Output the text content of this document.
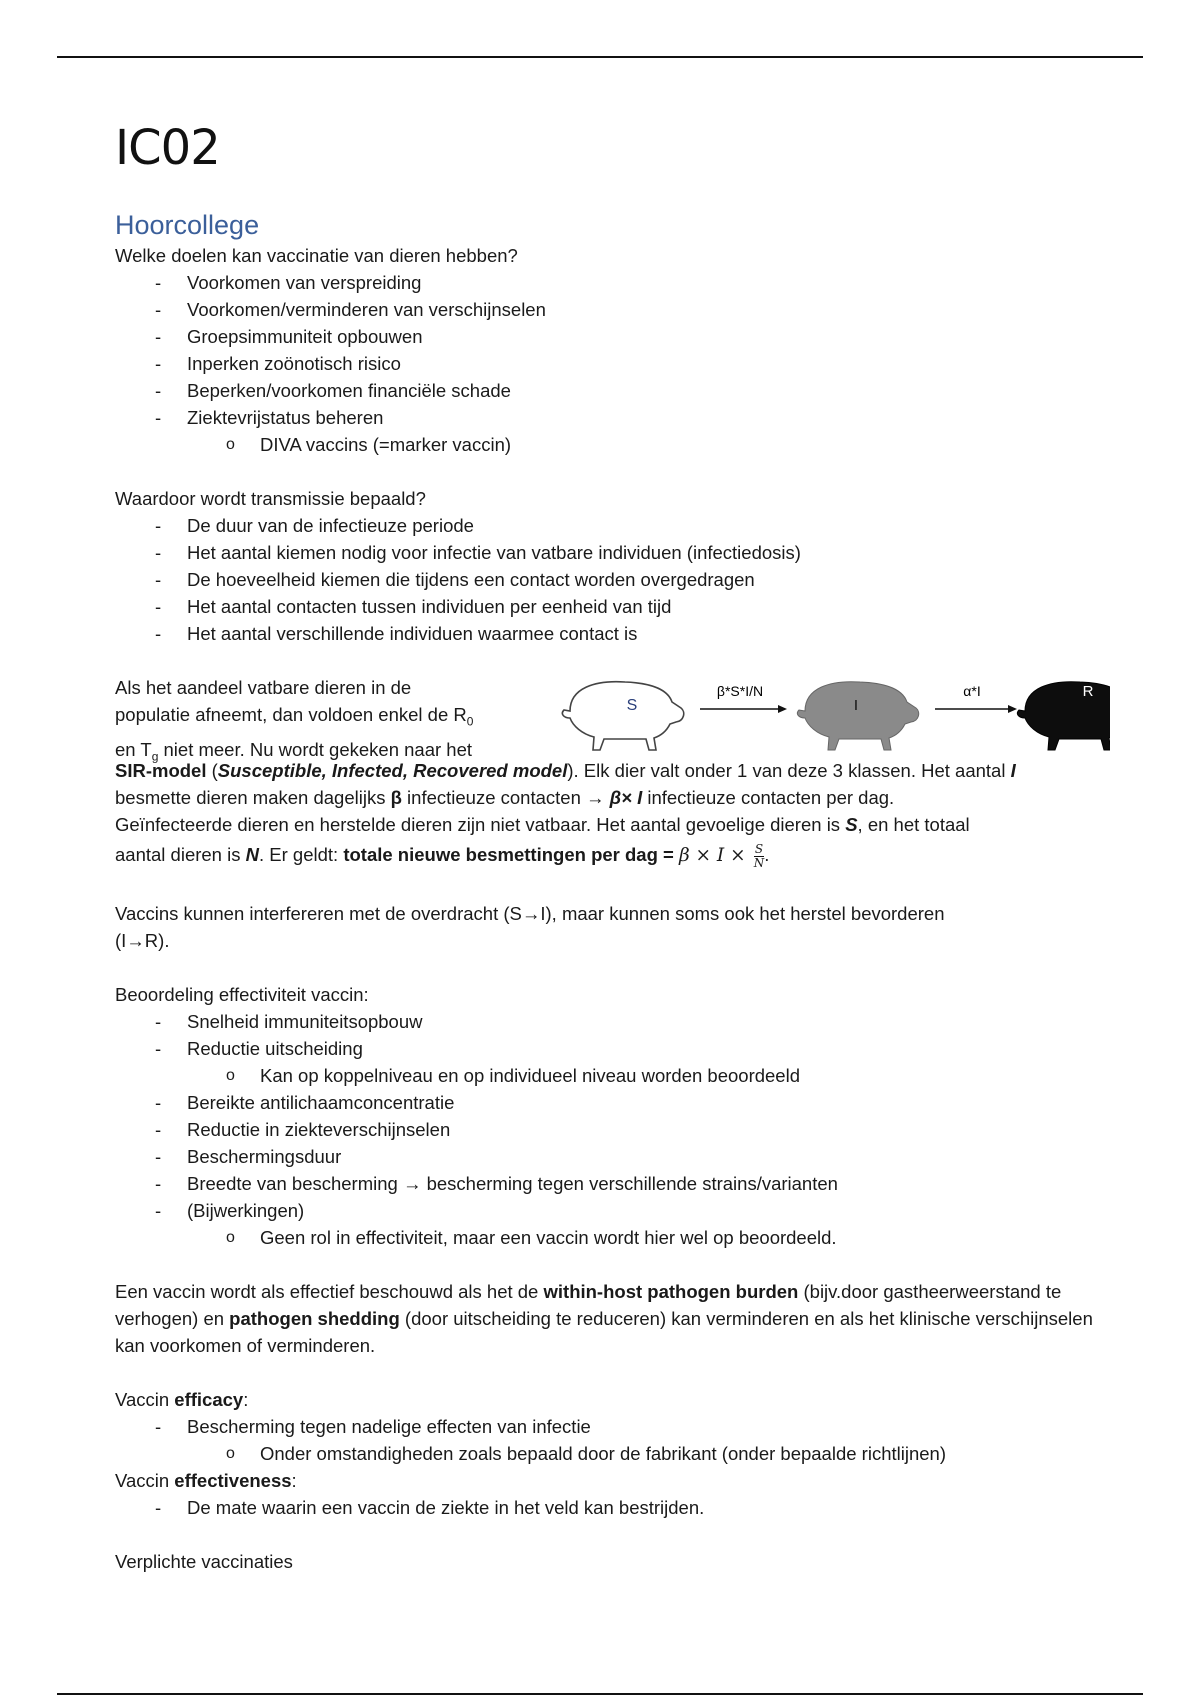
IC02
Hoorcollege

Welke doelen kan vaccinatie van dieren hebben?

- Voorkomen van verspreiding
- Voorkomen/verminderen van verschijnselen
- Groepsimmuniteit opbouwen
- Inperken zoönotisch risico
- Beperken/voorkomen financiële schade
- Ziektevrijstatus beheren
o DIVA vaccins (=marker vaccin)

Waardoor wordt transmissie bepaald?

- De duur van de infectieuze periode
- Het aantal kiemen nodig voor infectie van vatbare individuen (infectiedosis)
- De hoeveelheid kiemen die tijdens een contact worden overgedragen
- Het aantal contacten tussen individuen per eenheid van tijd
- Het aantal verschillende individuen waarmee contact is

Als het aandeel vatbare dieren in de

populatie afneemt, dan voldoen enkel de $R_0$

en $T_g$ niet meer. Nu wordt gekeken naar het

S
β*S*I/N
I
α*I	R

SIR-model (Susceptible, Infected, Recovered model). Elk dier valt onder 1 van deze 3 klassen. Het aantal I

besmette dieren maken dagelijks β infectieuze contacten → β× I infectieuze contacten per dag.

Geïnfecteerde dieren en herstelde dieren zijn niet vatbaar. Het aantal gevoelige dieren is S, en het totaal

aantal dieren is N. Er geldt: totale nieuwe besmettingen per dag = $\beta \times I \times \frac{S}{N}$ .

Vaccins kunnen interfereren met de overdracht (S→I), maar kunnen soms ook het herstel bevorderen

(I→R).

Beoordeling effectiviteit vaccin:

- Snelheid immuniteitsopbouw
- Reductie uitscheiding
o Kan op koppelniveau en op individueel niveau worden beoordeeld
- Bereikte antilichaamconcentratie
- Reductie in ziekteverschijnselen
- Beschermingsduur
- Breedte van bescherming → bescherming tegen verschillende strains/varianten
- (Bijwerkingen)
o Geen rol in effectiviteit, maar een vaccin wordt hier wel op beoordeeld.

Een vaccin wordt als effectief beschouwd als het de within-host pathogen burden (bijv.door gastheerweerstand te verhogen) en pathogen shedding (door uitscheiding te reduceren) kan verminderen en als het klinische verschijnselen kan voorkomen of verminderen.

Vaccin efficacy:

- Bescherming tegen nadelige effecten van infectie
o Onder omstandigheden zoals bepaald door de fabrikant (onder bepaalde richtlijnen)

Vaccin effectiveness:

- De mate waarin een vaccin de ziekte in het veld kan bestrijden.

Verplichte vaccinaties
